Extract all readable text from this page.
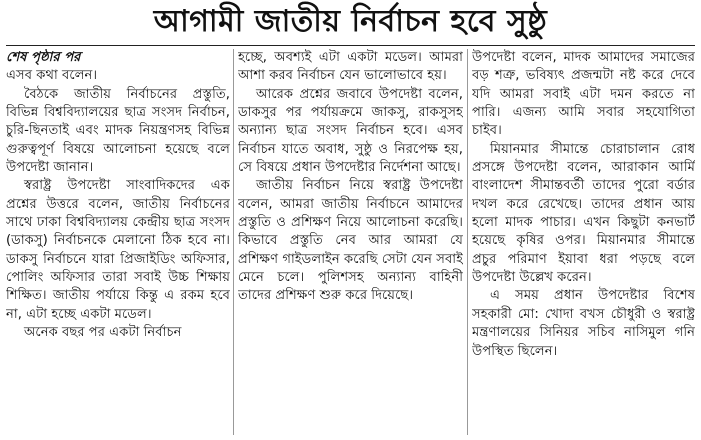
আগামী জাতীয় নির্বাচন হবে সুষ্ঠু

শেষ পৃষ্ঠার পর

এসব কথা বলেন।

বৈঠকে জাতীয় নির্বাচনের প্রস্তুতি, বিভিন্ন বিশ্ববিদ্যালয়ের ছাত্র সংসদ নির্বাচন, চুরি-ছিনতাই এবং মাদক নিয়ন্ত্রণসহ বিভিন্ন গুরুত্বপূর্ণ বিষয়ে আলোচনা হয়েছে বলে উপদেষ্টা জানান।

স্বরাষ্ট্র উপদেষ্টা সাংবাদিকদের এক প্রশ্নের উত্তরে বলেন, জাতীয় নির্বাচনের সাথে ঢাকা বিশ্ববিদ্যালয় কেন্দ্রীয় ছাত্র সংসদ (ডাকসু) নির্বাচনকে মেলানো ঠিক হবে না। ডাকসু নির্বাচনে যারা প্রিজাইডিং অফিসার, পোলিং অফিসার তারা সবাই উচ্চ শিক্ষায় শিক্ষিত। জাতীয় পর্যায়ে কিন্তু এ রকম হবে না, এটা হচ্ছে একটা মডেল।

অনেক বছর পর একটা নির্বাচন

হচ্ছে, অবশ্যই এটা একটা মডেল। আমরা আশা করব নির্বাচন যেন ভালোভাবে হয়।

আরেক প্রশ্নের জবাবে উপদেষ্টা বলেন, ডাকসুর পর পর্যায়ক্রমে জাকসু, রাকসুসহ অন্যান্য ছাত্র সংসদ নির্বাচন হবে। এসব নির্বাচন যাতে অবাধ, সুষ্ঠু ও নিরপেক্ষ হয়, সে বিষয়ে প্রধান উপদেষ্টার নির্দেশনা আছে।

জাতীয় নির্বাচন নিয়ে স্বরাষ্ট্র উপদেষ্টা বলেন, আমরা জাতীয় নির্বাচনে আমাদের প্রস্তুতি ও প্রশিক্ষণ নিয়ে আলোচনা করেছি। কিভাবে প্রস্তুতি নেব আর আমরা যে প্রশিক্ষণ গাইডলাইন করেছি সেটা যেন সবাই মেনে চলে। পুলিশসহ অন্যান্য বাহিনী তাদের প্রশিক্ষণ শুরু করে দিয়েছে।

উপদেষ্টা বলেন, মাদক আমাদের সমাজের বড় শত্রু, ভবিষ্যৎ প্রজন্মটা নষ্ট করে দেবে যদি আমরা সবাই এটা দমন করতে না পারি। এজন্য আমি সবার সহযোগিতা চাইব।

মিয়ানমার সীমান্তে চোরাচালান রোধ প্রসঙ্গে উপদেষ্টা বলেন, আরাকান আর্মি বাংলাদেশ সীমান্তবর্তী তাদের পুরো বর্ডার দখল করে রেখেছে। তাদের প্রধান আয় হলো মাদক পাচার। এখন কিছুটা কনভার্ট হয়েছে কৃষির ওপর। মিয়ানমার সীমান্তে প্রচুর পরিমাণ ইয়াবা ধরা পড়ছে বলে উপদেষ্টা উল্লেখ করেন।

এ সময় প্রধান উপদেষ্টার বিশেষ সহকারী মো: খোদা বখস চৌধুরী ও স্বরাষ্ট্র মন্ত্রণালয়ের সিনিয়র সচিব নাসিমুল গনি উপস্থিত ছিলেন।
